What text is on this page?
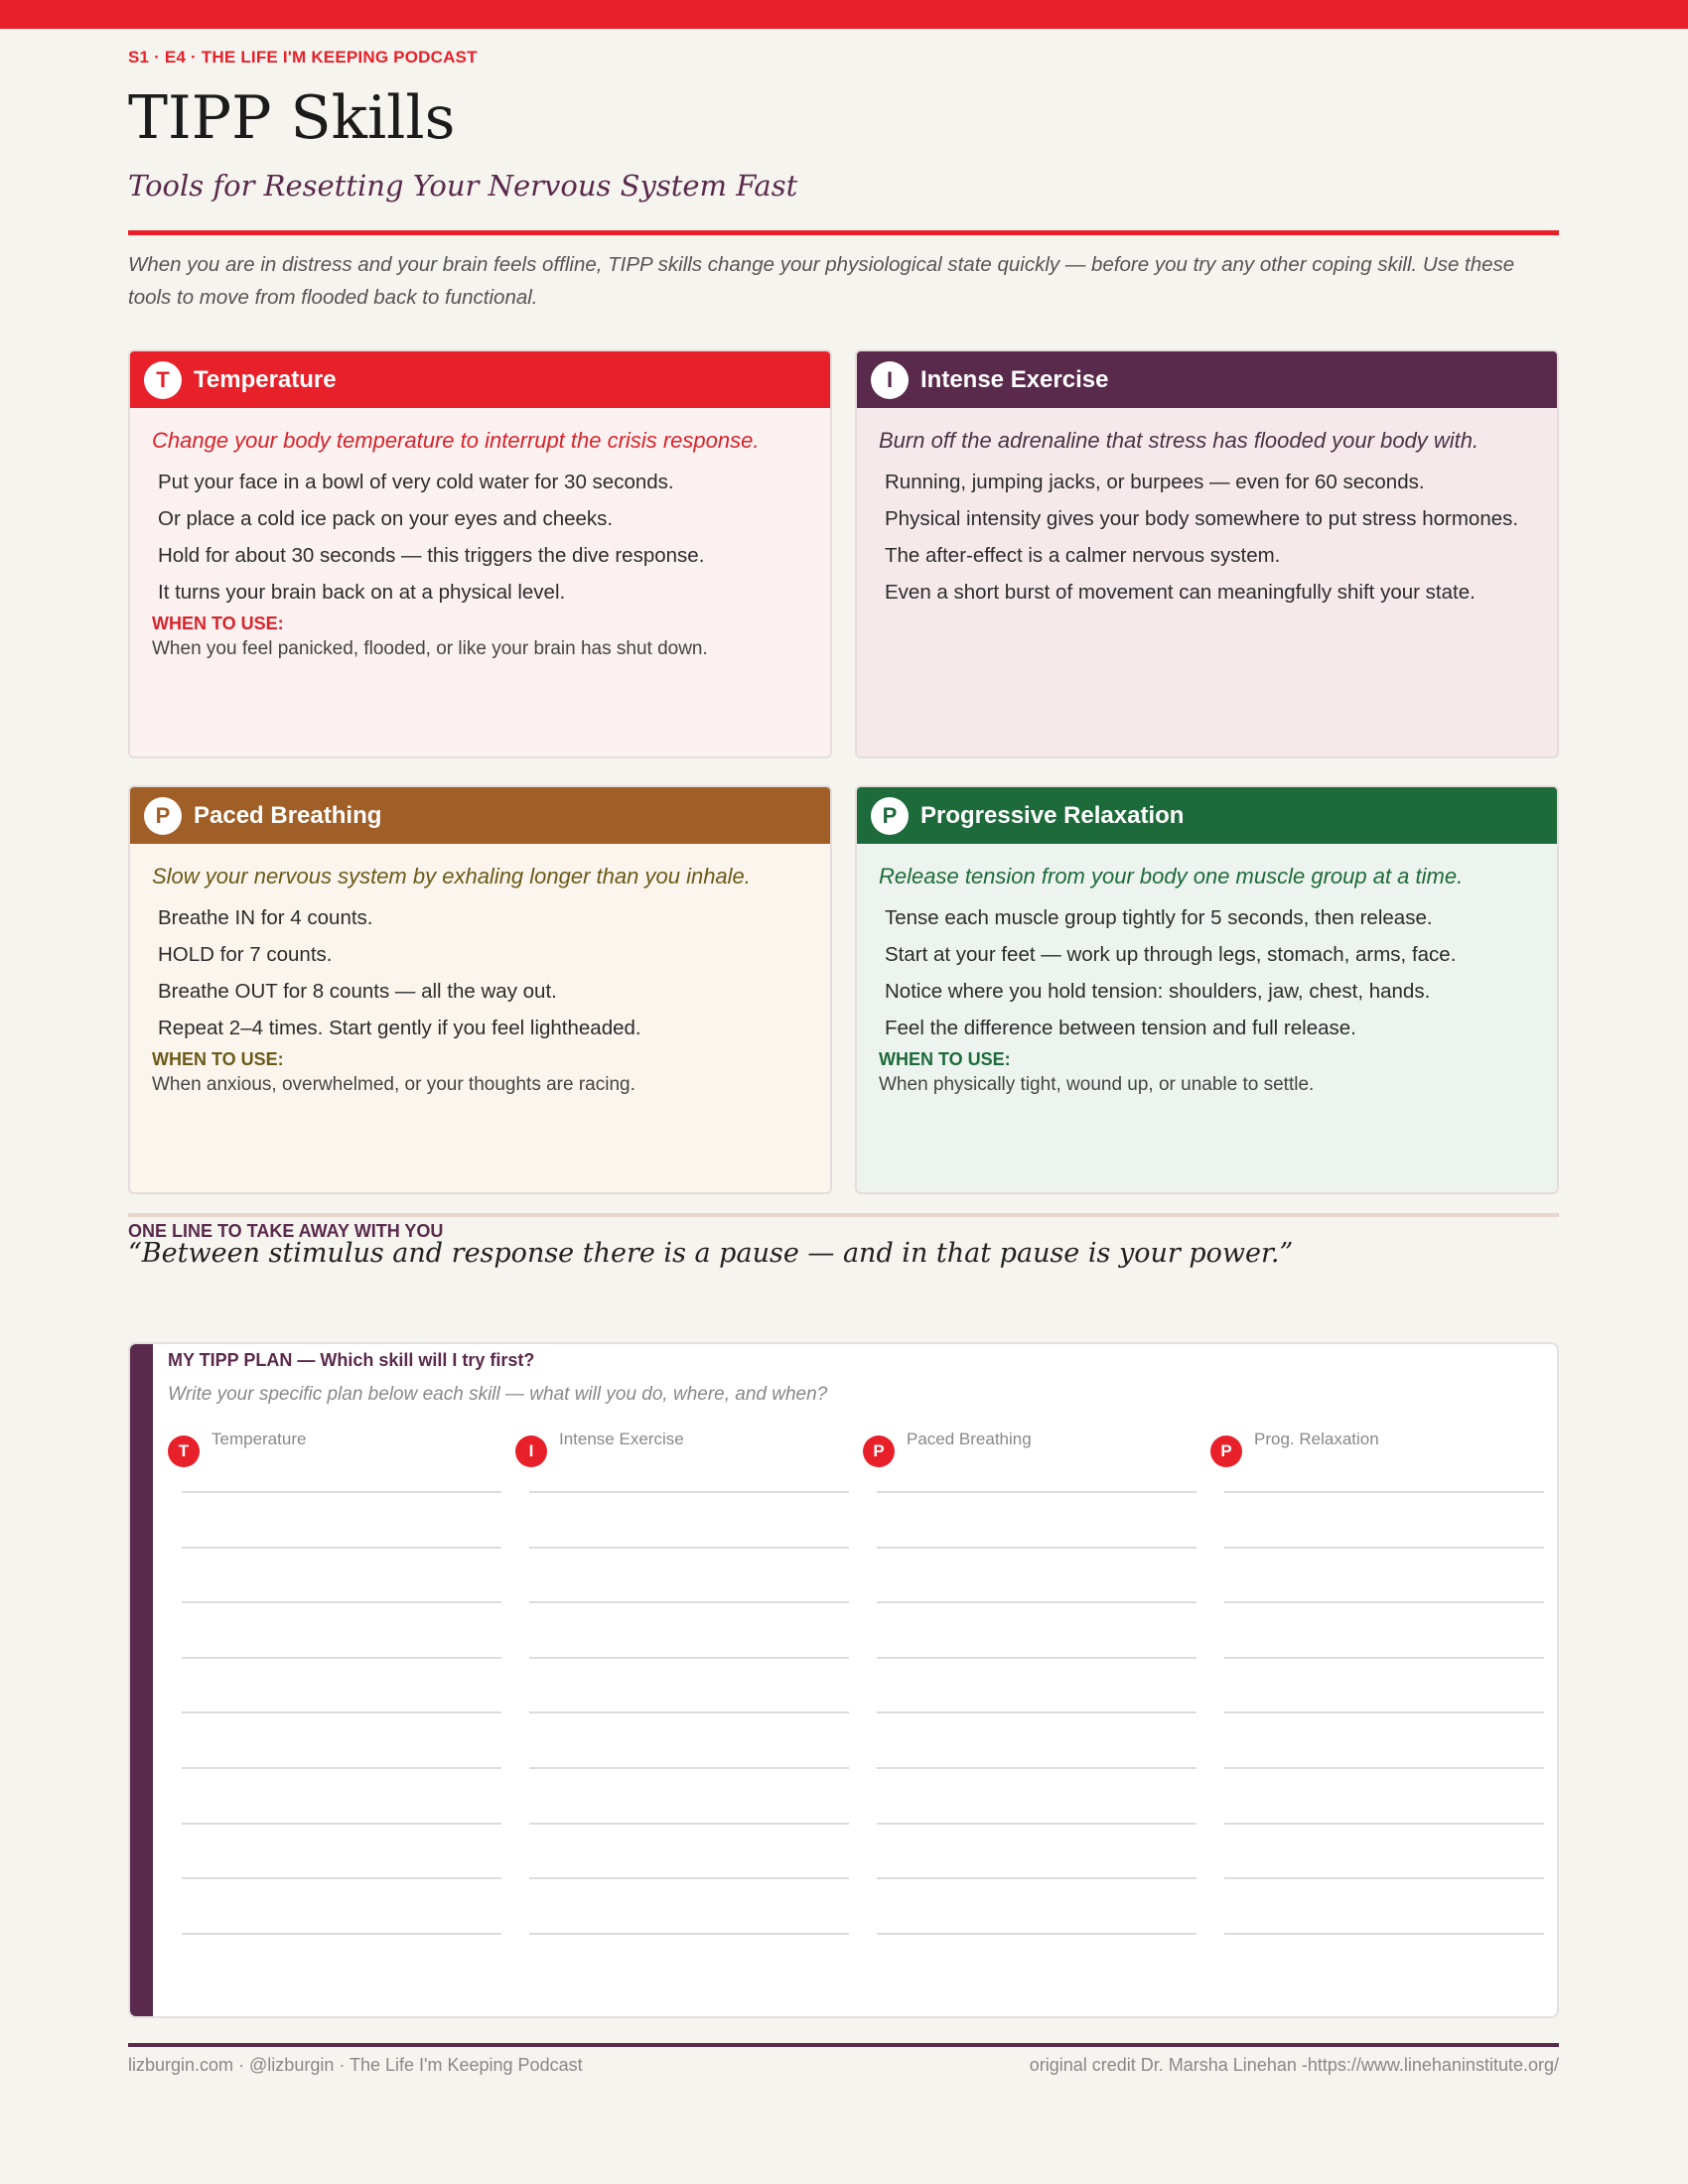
S1 · E4 · THE LIFE I'M KEEPING PODCAST
TIPP Skills
Tools for Resetting Your Nervous System Fast

When you are in distress and your brain feels offline, TIPP skills change your physiological state quickly — before you try any other coping skill. Use these tools to move from flooded back to functional.

T	Temperature

Change your body temperature to interrupt the crisis response.

Put your face in a bowl of very cold water for 30 seconds.

Or place a cold ice pack on your eyes and cheeks.

Hold for about 30 seconds — this triggers the dive response.

It turns your brain back on at a physical level.

WHEN TO USE:

When you feel panicked, flooded, or like your brain has shut down.

I	Intense Exercise

Burn off the adrenaline that stress has flooded your body with.

Running, jumping jacks, or burpees — even for 60 seconds.

Physical intensity gives your body somewhere to put stress hormones.

The after-effect is a calmer nervous system.

Even a short burst of movement can meaningfully shift your state.

P Paced Breathing

Slow your nervous system by exhaling longer than you inhale.

Breathe IN for 4 counts.

HOLD for 7 counts.

Breathe OUT for 8 counts — all the way out.

Repeat 2–4 times. Start gently if you feel lightheaded.

WHEN TO USE:

When anxious, overwhelmed, or your thoughts are racing.

P Progressive Relaxation

Release tension from your body one muscle group at a time.

Tense each muscle group tightly for 5 seconds, then release.

Start at your feet — work up through legs, stomach, arms, face.

Notice where you hold tension: shoulders, jaw, chest, hands.

Feel the difference between tension and full release.

WHEN TO USE:

When physically tight, wound up, or unable to settle.

ONE LINE TO TAKE AWAY WITH YOU
“Between stimulus and response there is a pause — and in that pause is your power.”
MY TIPP PLAN — Which skill will I try first?
Write your specific plan below each skill — what will you do, where, and when?
T
Temperature
I
Intense Exercise
P
Paced Breathing
P
Prog. Relaxation
lizburgin.com · @lizburgin · The Life I'm Keeping Podcast	original credit Dr. Marsha Linehan -https://www.linehaninstitute.org/
